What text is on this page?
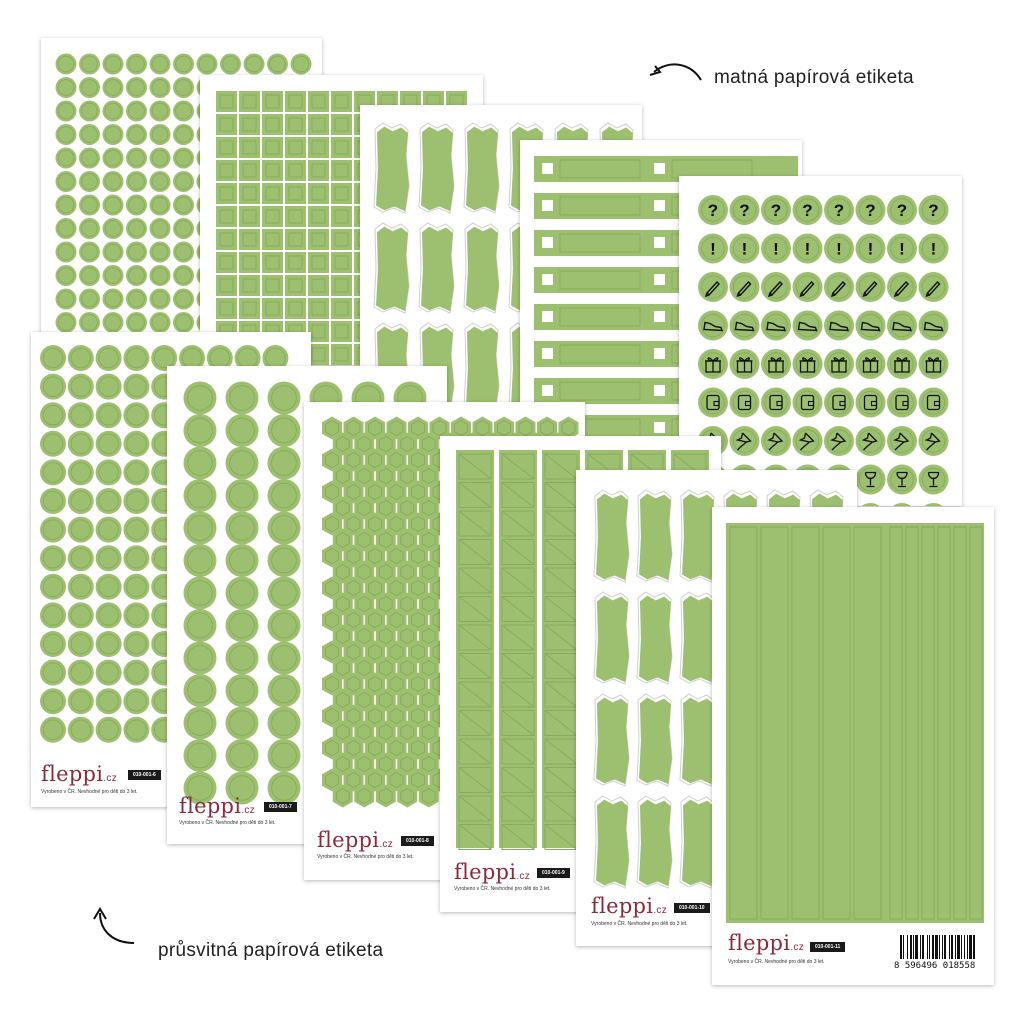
matná papírová etiketa
průsvitná papírová etiketa
? ? ? ? ? ? ? ?
! ! ! ! ! ! ! !
fleppi.cz	010-001-6
Vyrobeno v ČR. Nevhodné pro děti do 3 let.
fleppi.cz	010-001-7
Vyrobeno v ČR. Nevhodné pro děti do 3 let.
fleppi.cz	010-001-8
Vyrobeno v ČR. Nevhodné pro děti do 3 let.
fleppi.cz	010-001-9
Vyrobeno v ČR. Nevhodné pro děti do 3 let.
fleppi.cz	010-001-10
Vyrobeno v ČR. Nevhodné pro děti do 3 let.
fleppi.cz	010-001-11
Vyrobeno v ČR. Nevhodné pro děti do 3 let.	8 596496 018558
